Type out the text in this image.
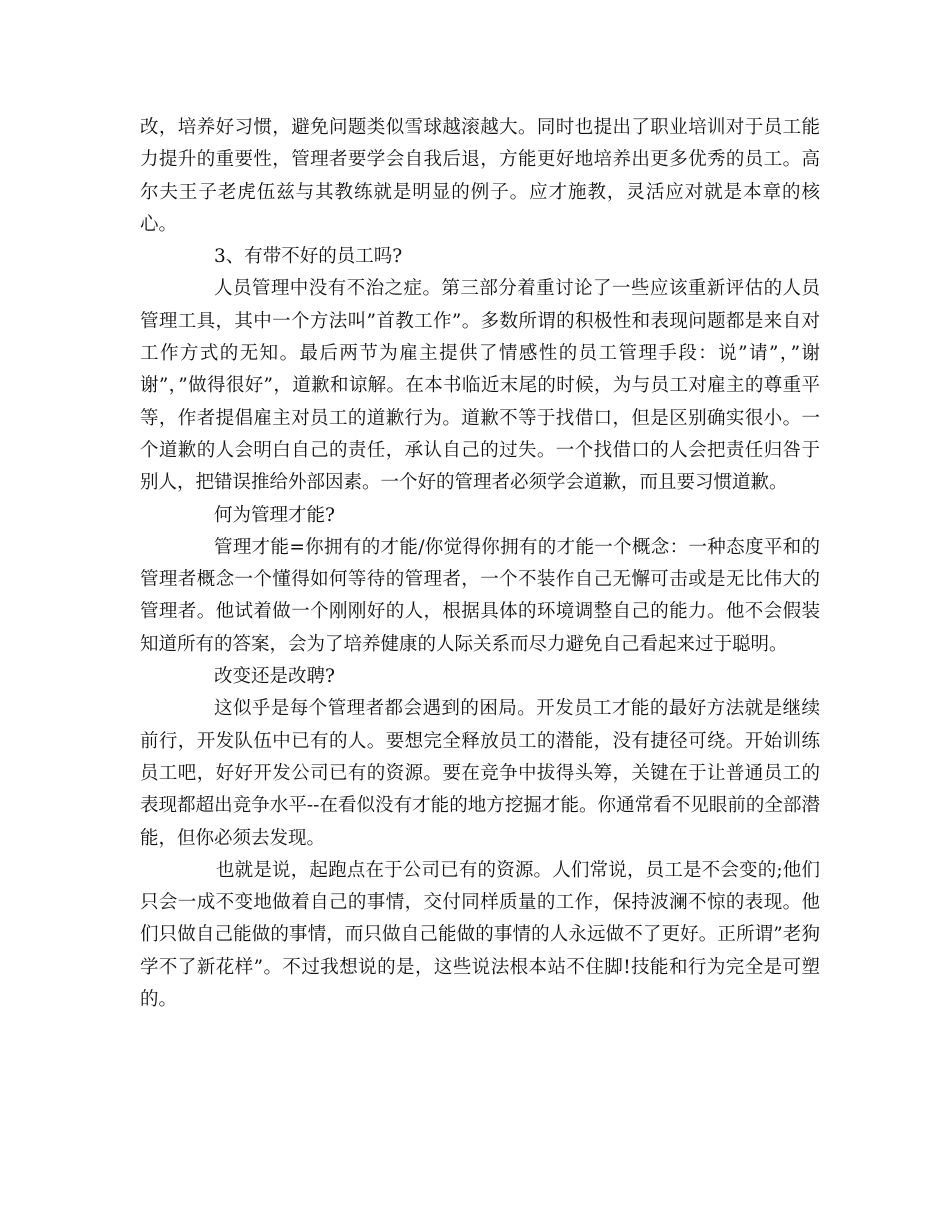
改，培养好习惯，避免问题类似雪球越滚越大。同时也提出了职业培训对于员工能力提升的重要性，管理者要学会自我后退，方能更好地培养出更多优秀的员工。高尔夫王子老虎伍兹与其教练就是明显的例子。应才施教，灵活应对就是本章的核心。

3、有带不好的员工吗?

人员管理中没有不治之症。第三部分着重讨论了一些应该重新评估的人员管理工具，其中一个方法叫”首教工作”。多数所谓的积极性和表现问题都是来自对工作方式的无知。最后两节为雇主提供了情感性的员工管理手段：说”请”，”谢谢”，”做得很好”，道歉和谅解。在本书临近末尾的时候，为与员工对雇主的尊重平等，作者提倡雇主对员工的道歉行为。道歉不等于找借口，但是区别确实很小。一个道歉的人会明白自己的责任，承认自己的过失。一个找借口的人会把责任归咎于别人，把错误推给外部因素。一个好的管理者必须学会道歉，而且要习惯道歉。

何为管理才能?

管理才能=你拥有的才能/你觉得你拥有的才能一个概念：一种态度平和的管理者概念一个懂得如何等待的管理者，一个不装作自己无懈可击或是无比伟大的管理者。他试着做一个刚刚好的人，根据具体的环境调整自己的能力。他不会假装知道所有的答案，会为了培养健康的人际关系而尽力避免自己看起来过于聪明。

改变还是改聘?

这似乎是每个管理者都会遇到的困局。开发员工才能的最好方法就是继续前行，开发队伍中已有的人。要想完全释放员工的潜能，没有捷径可绕。开始训练员工吧，好好开发公司已有的资源。要在竞争中拔得头筹，关键在于让普通员工的表现都超出竞争水平--在看似没有才能的地方挖掘才能。你通常看不见眼前的全部潜能，但你必须去发现。

也就是说，起跑点在于公司已有的资源。人们常说，员工是不会变的;他们只会一成不变地做着自己的事情，交付同样质量的工作，保持波澜不惊的表现。他们只做自己能做的事情，而只做自己能做的事情的人永远做不了更好。正所谓”老狗学不了新花样”。不过我想说的是，这些说法根本站不住脚!技能和行为完全是可塑的。
